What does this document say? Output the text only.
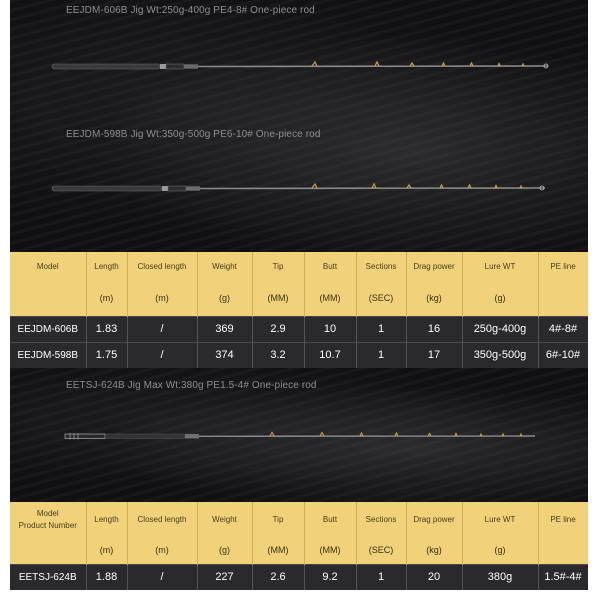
EEJDM-606B Jig Wt:250g-400g PE4-8# One-piece rod
EEJDM-598B Jig Wt:350g-500g PE6-10# One-piece rod
Model	Length	Closed length	Weight	Tip	Butt	Sections	Drag power	Lure WT	PE line
	(m)	(m)	(g)	(MM)	(MM)	(SEC)	(kg)	(g)	
EEJDM-606B	1.83	/	369	2.9	10	1	16	250g-400g	4#-8#
EEJDM-598B	1.75	/	374	3.2	10.7	1	17	350g-500g	6#-10#
EETSJ-624B Jig Max Wt:380g PE1.5-4# One-piece rod
Model
Product Number	Length	Closed length	Weight	Tip	Butt	Sections	Drag power	Lure WT	PE line
	(m)	(m)	(g)	(MM)	(MM)	(SEC)	(kg)	(g)	
EETSJ-624B	1.88	/	227	2.6	9.2	1	20	380g	1.5#-4#
